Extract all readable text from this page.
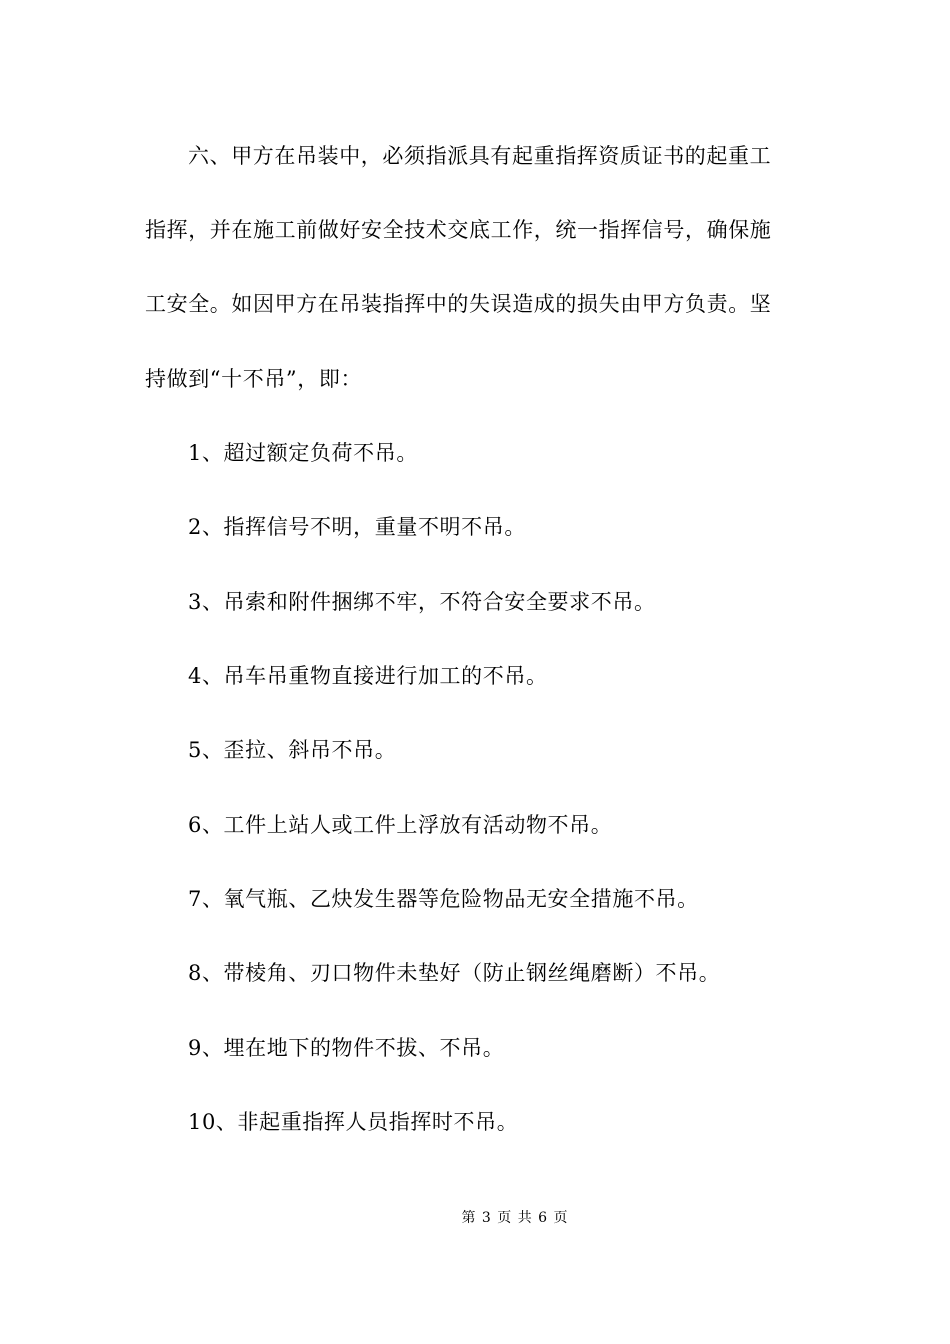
六、甲方在吊装中，必须指派具有起重指挥资质证书的起重工
指挥，并在施工前做好安全技术交底工作，统一指挥信号，确保施
工安全。如因甲方在吊装指挥中的失误造成的损失由甲方负责。坚
持做到“十不吊”，即：
1、超过额定负荷不吊。
2、指挥信号不明，重量不明不吊。
3、吊索和附件捆绑不牢，不符合安全要求不吊。
4、吊车吊重物直接进行加工的不吊。
5、歪拉、斜吊不吊。
6、工件上站人或工件上浮放有活动物不吊。
7、氧气瓶、乙炔发生器等危险物品无安全措施不吊。
8、带棱角、刃口物件未垫好（防止钢丝绳磨断）不吊。
9、埋在地下的物件不拔、不吊。
10、非起重指挥人员指挥时不吊。
第 3 页 共 6 页
